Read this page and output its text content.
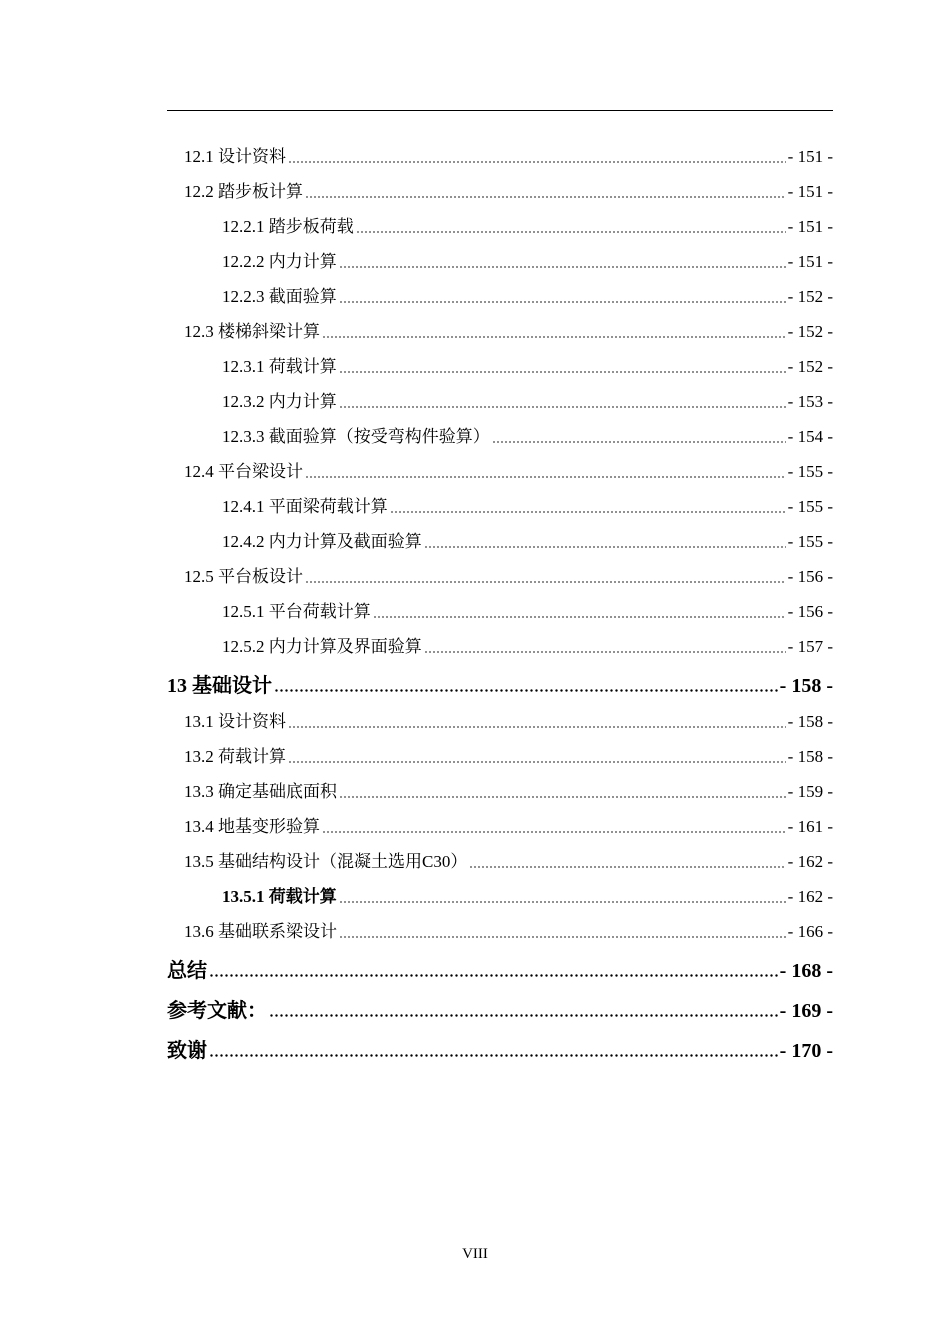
12.1 设计资料	- 151 -
12.2 踏步板计算	- 151 -
12.2.1 踏步板荷载	- 151 -
12.2.2 内力计算	- 151 -
12.2.3 截面验算	- 152 -
12.3 楼梯斜梁计算	- 152 -
12.3.1 荷载计算	- 152 -
12.3.2 内力计算	- 153 -
12.3.3 截面验算（按受弯构件验算）	- 154 -
12.4 平台梁设计	- 155 -
12.4.1 平面梁荷载计算	- 155 -
12.4.2 内力计算及截面验算	- 155 -
12.5 平台板设计	- 156 -
12.5.1 平台荷载计算	- 156 -
12.5.2 内力计算及界面验算	- 157 -
13 基础设计	- 158 -
13.1 设计资料	- 158 -
13.2 荷载计算	- 158 -
13.3 确定基础底面积	- 159 -
13.4 地基变形验算	- 161 -
13.5 基础结构设计（混凝土选用C30）	- 162 -
13.5.1 荷载计算	- 162 -
13.6 基础联系梁设计	- 166 -
总结	- 168 -
参考文献：	- 169 -
致谢	- 170 -
VIII
